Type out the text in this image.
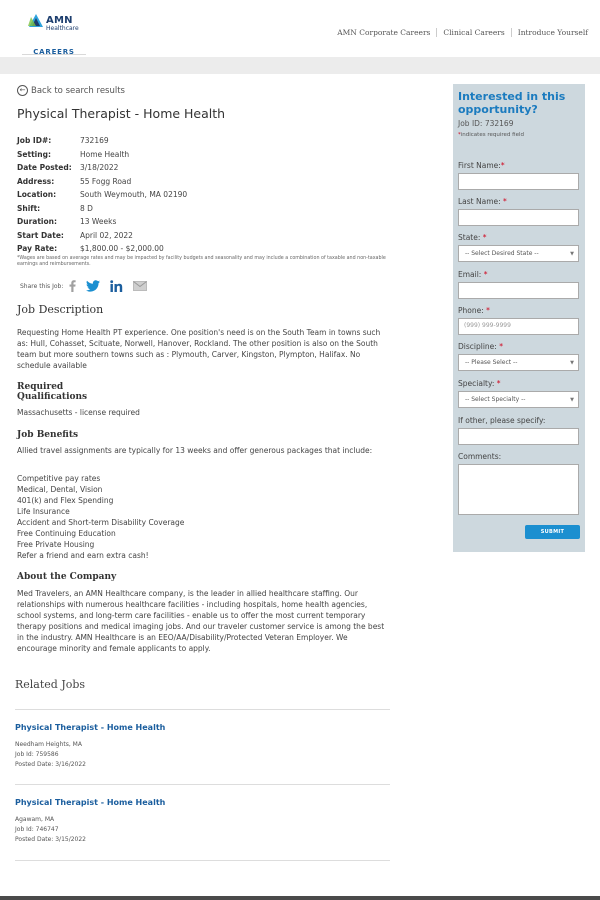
AMN
Healthcare
CAREERS
AMN Corporate Careers	Clinical Careers	Introduce Yourself
← Back to search results
Physical Therapist - Home Health
Job ID#:	732169
Setting:	Home Health
Date Posted:	3/18/2022
Address:	55 Fogg Road
Location:	South Weymouth, MA 02190
Shift:	8 D
Duration:	13 Weeks
Start Date:	April 02, 2022
Pay Rate:	$1,800.00 - $2,000.00
*Wages are based on average rates and may be impacted by facility budgets and seasonality and may include a combination of taxable and non-taxable earnings and reimbursements.
Share this Job:
Job Description
Requesting Home Health PT experience. One position's need is on the South Team in towns such as: Hull, Cohasset, Scituate, Norwell, Hanover, Rockland. The other position is also on the South team but more southern towns such as : Plymouth, Carver, Kingston, Plympton, Halifax. No schedule available
Required
Qualifications
Massachusetts - license required
Job Benefits
Allied travel assignments are typically for 13 weeks and offer generous packages that include:
Competitive pay rates
Medical, Dental, Vision
401(k) and Flex Spending
Life Insurance
Accident and Short-term Disability Coverage
Free Continuing Education
Free Private Housing
Refer a friend and earn extra cash!
About the Company
Med Travelers, an AMN Healthcare company, is the leader in allied healthcare staffing. Our relationships with numerous healthcare facilities - including hospitals, home health agencies, school systems, and long-term care facilities - enable us to offer the most current temporary therapy positions and medical imaging jobs. And our traveler customer service is among the best in the industry. AMN Healthcare is an EEO/AA/Disability/Protected Veteran Employer. We encourage minority and female applicants to apply.
Related Jobs
Physical Therapist - Home Health
Needham Heights, MA
Job Id: 759586
Posted Date: 3/16/2022
Physical Therapist - Home Health
Agawam, MA
Job Id: 746747
Posted Date: 3/15/2022
Interested in this opportunity?
Job ID: 732169
*indicates required field
First Name:*
Last Name: *
State: *
-- Select Desired State --	▼
Email: *
Phone: *
(999) 999-9999
Discipline: *
-- Please Select --	▼
Specialty: *
-- Select Specialty --	▼
If other, please specify:
Comments:
SUBMIT
